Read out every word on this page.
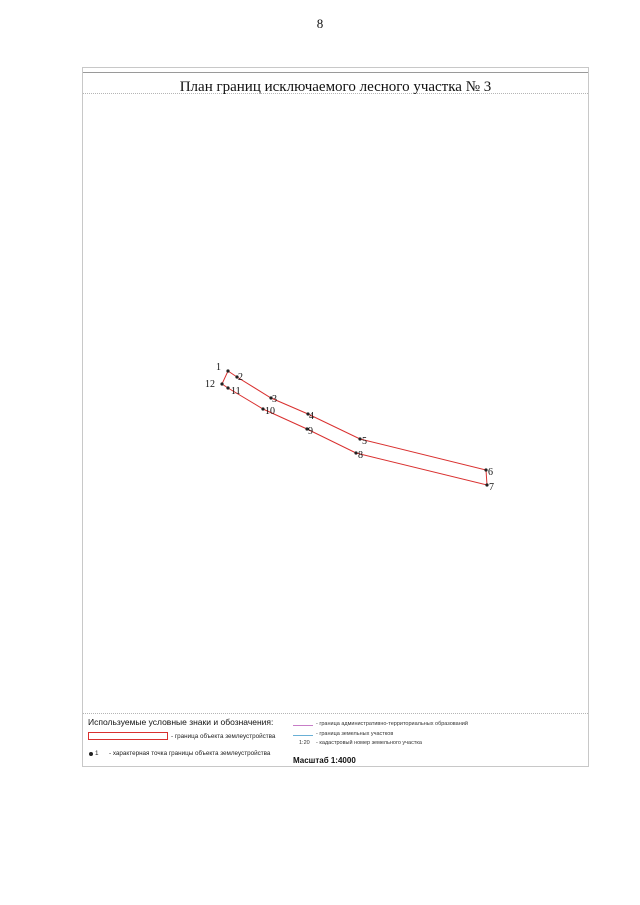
8
План границ исключаемого лесного участка № 3
1
2
3
4
5
6
7
8
9
10
11
12
Используемые условные знаки и обозначения:
- граница объекта землеустройства
1 - характерная точка границы объекта землеустройства
- граница административно-территориальных образований
- граница земельных участков
1:20 - кадастровый номер земельного участка
Масштаб 1:4000
